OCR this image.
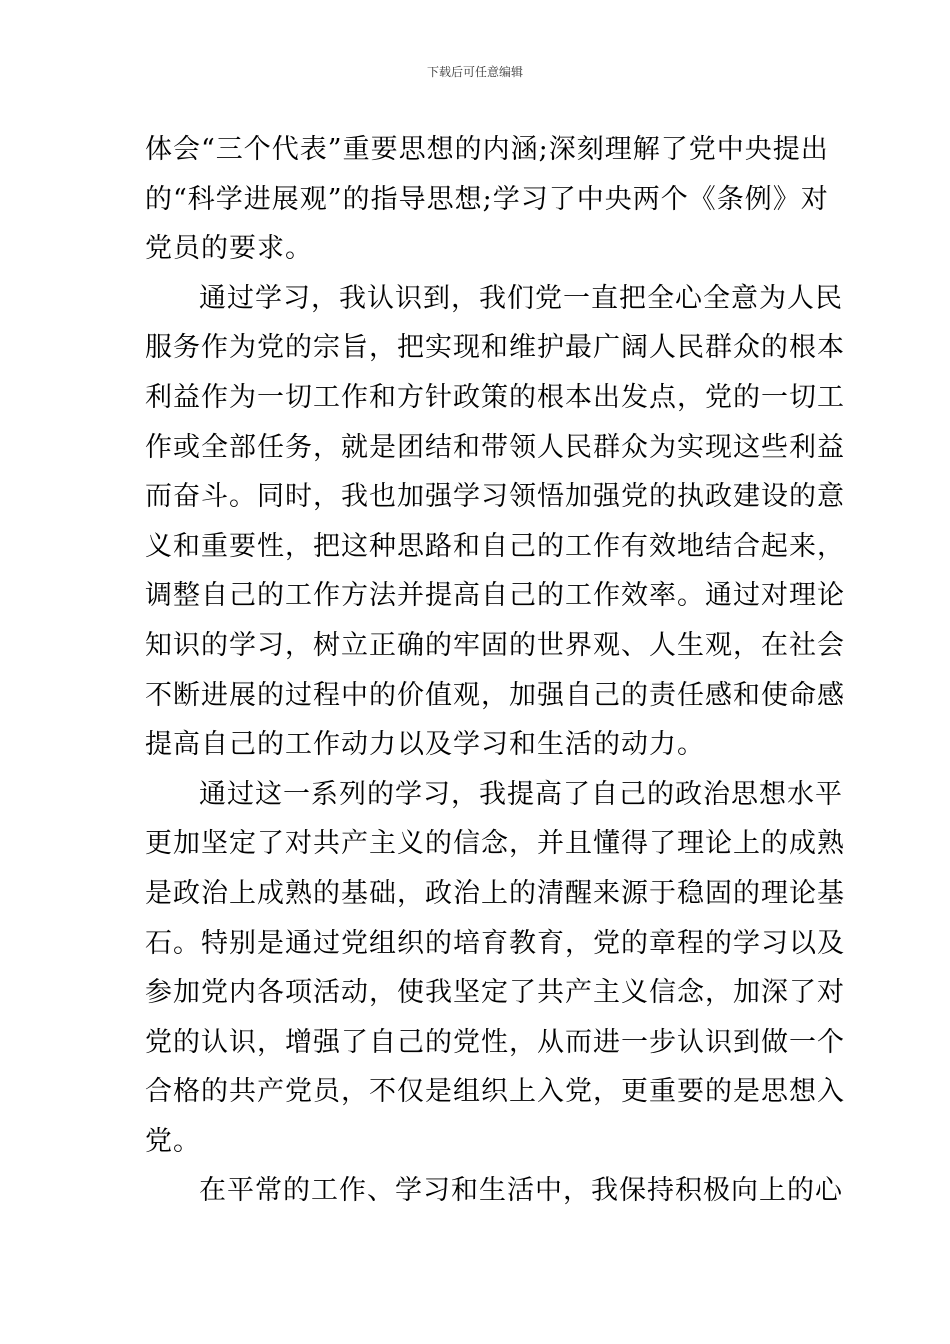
下载后可任意编辑
体会“三个代表”重要思想的内涵;深刻理解了党中央提出
的“科学进展观”的指导思想;学习了中央两个《条例》对
党员的要求。
通过学习，我认识到，我们党一直把全心全意为人民
服务作为党的宗旨，把实现和维护最广阔人民群众的根本
利益作为一切工作和方针政策的根本出发点，党的一切工
作或全部任务，就是团结和带领人民群众为实现这些利益
而奋斗。同时，我也加强学习领悟加强党的执政建设的意
义和重要性，把这种思路和自己的工作有效地结合起来，
调整自己的工作方法并提高自己的工作效率。通过对理论
知识的学习，树立正确的牢固的世界观、人生观，在社会
不断进展的过程中的价值观，加强自己的责任感和使命感
提高自己的工作动力以及学习和生活的动力。
通过这一系列的学习，我提高了自己的政治思想水平
更加坚定了对共产主义的信念，并且懂得了理论上的成熟
是政治上成熟的基础，政治上的清醒来源于稳固的理论基
石。特别是通过党组织的培育教育，党的章程的学习以及
参加党内各项活动，使我坚定了共产主义信念，加深了对
党的认识，增强了自己的党性，从而进一步认识到做一个
合格的共产党员，不仅是组织上入党，更重要的是思想入
党。
在平常的工作、学习和生活中，我保持积极向上的心
